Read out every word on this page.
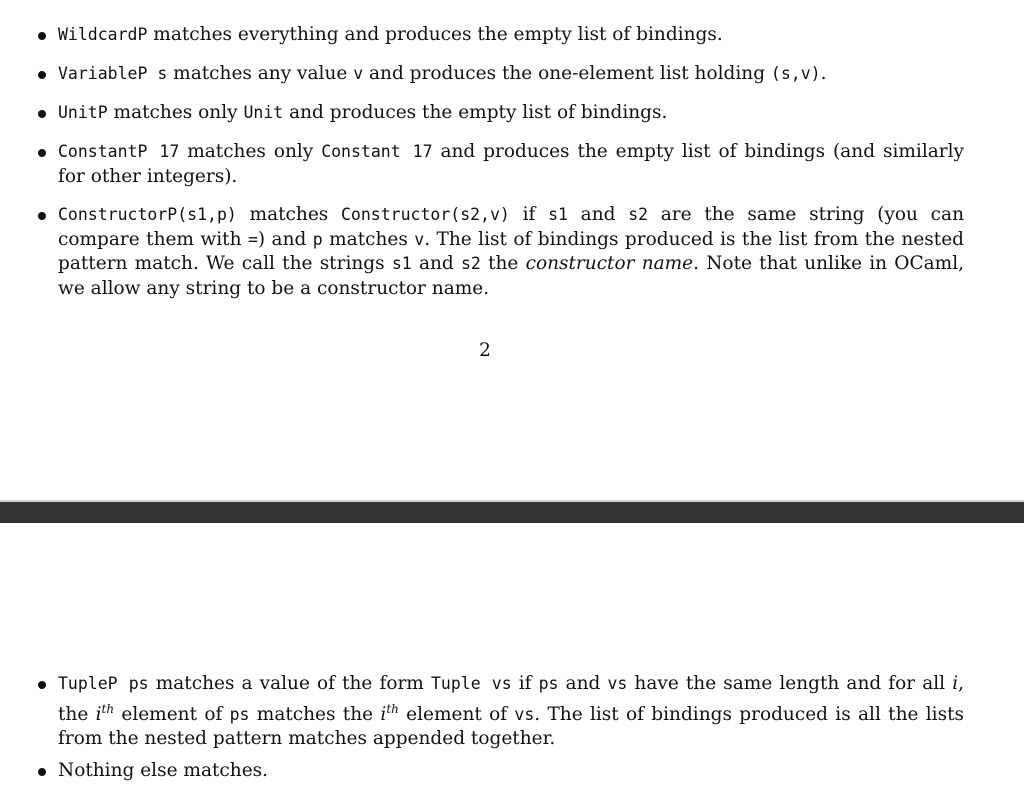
WildcardP matches everything and produces the empty list of bindings.
VariableP s matches any value v and produces the one-element list holding (s,v).
UnitP matches only Unit and produces the empty list of bindings.
ConstantP 17 matches only Constant 17 and produces the empty list of bindings (and similarly for other integers).
ConstructorP(s1,p) matches Constructor(s2,v) if s1 and s2 are the same string (you can compare them with =) and p matches v. The list of bindings produced is the list from the nested pattern match. We call the strings s1 and s2 the constructor name. Note that unlike in OCaml, we allow any string to be a constructor name.
2
TupleP ps matches a value of the form Tuple vs if ps and vs have the same length and for all i, the $i^{th}$ element of ps matches the $i^{th}$ element of vs. The list of bindings produced is all the lists from the nested pattern matches appended together.
Nothing else matches.
